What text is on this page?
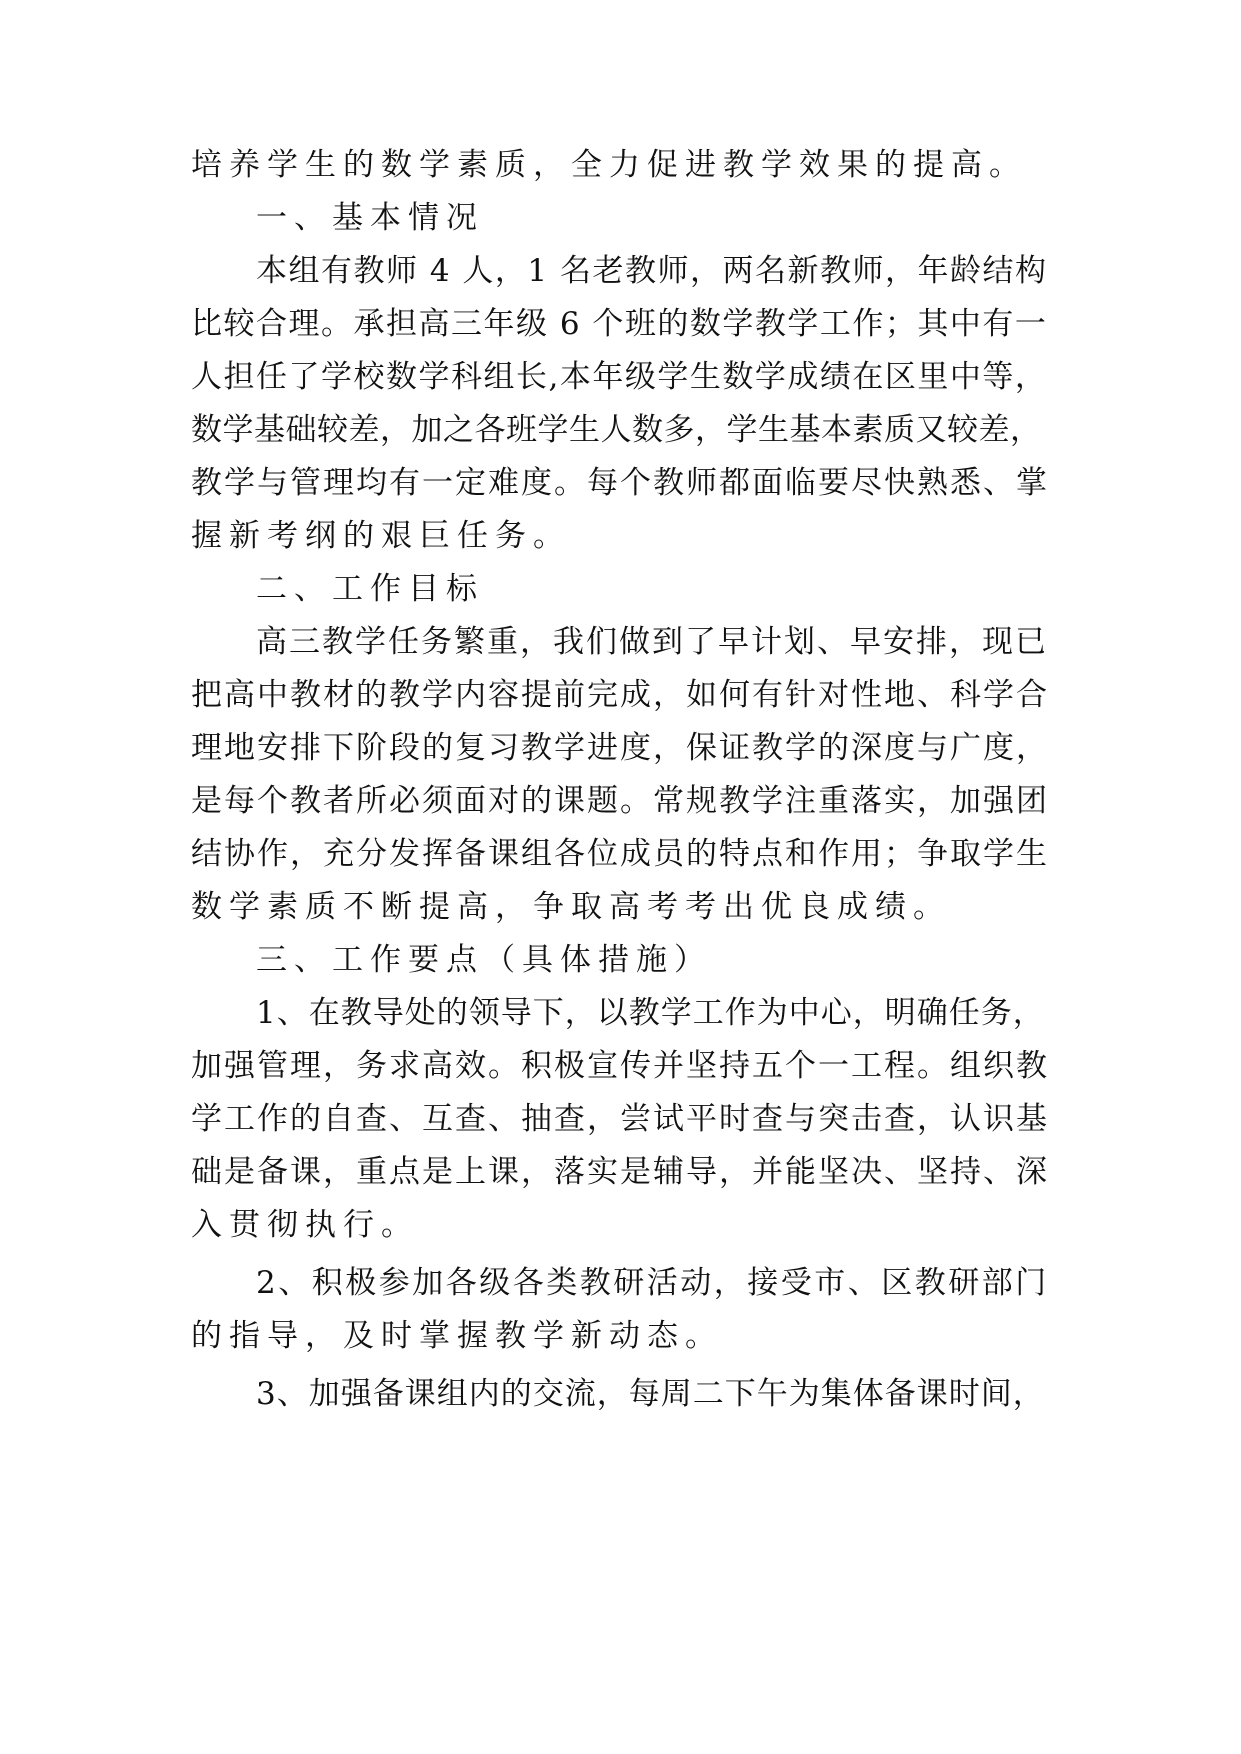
培养学生的数学素质，全力促进教学效果的提高。

一、基本情况

本组有教师 4 人，1 名老教师，两名新教师，年龄结构

比较合理。承担高三年级 6 个班的数学教学工作；其中有一

人担任了学校数学科组长,本年级学生数学成绩在区里中等，

数学基础较差，加之各班学生人数多，学生基本素质又较差，

教学与管理均有一定难度。每个教师都面临要尽快熟悉、掌

握新考纲的艰巨任务。

二、工作目标

高三教学任务繁重，我们做到了早计划、早安排，现已

把高中教材的教学内容提前完成，如何有针对性地、科学合

理地安排下阶段的复习教学进度，保证教学的深度与广度，

是每个教者所必须面对的课题。常规教学注重落实，加强团

结协作，充分发挥备课组各位成员的特点和作用；争取学生

数学素质不断提高，争取高考考出优良成绩。

三、工作要点（具体措施）

1、在教导处的领导下，以教学工作为中心，明确任务，

加强管理，务求高效。积极宣传并坚持五个一工程。组织教

学工作的自查、互查、抽查，尝试平时查与突击查，认识基

础是备课，重点是上课，落实是辅导，并能坚决、坚持、深

入贯彻执行。

2、积极参加各级各类教研活动，接受市、区教研部门

的指导，及时掌握教学新动态。

3、加强备课组内的交流，每周二下午为集体备课时间，
